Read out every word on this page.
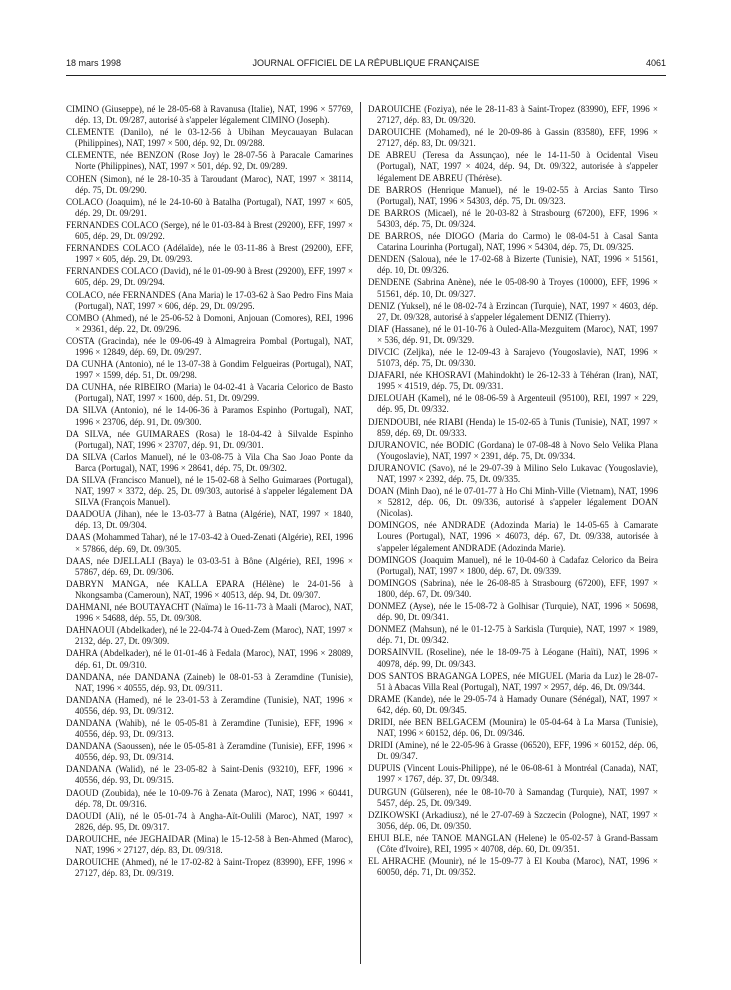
18 mars 1998	JOURNAL OFFICIEL DE LA RÉPUBLIQUE FRANÇAISE	4061

CIMINO (Giuseppe), né le 28-05-68 à Ravanusa (Italie), NAT, 1996 × 57769, dép. 13, Dt. 09/287, autorisé à s'appeler légalement CIMINO (Joseph).

CLEMENTE (Danilo), né le 03-12-56 à Ubihan Meycauayan Bulacan (Philippines), NAT, 1997 × 500, dép. 92, Dt. 09/288.

CLEMENTE, née BENZON (Rose Joy) le 28-07-56 à Paracale Camarines Norte (Philippines), NAT, 1997 × 501, dép. 92, Dt. 09/289.

COHEN (Simon), né le 28-10-35 à Taroudant (Maroc), NAT, 1997 × 38114, dép. 75, Dt. 09/290.

COLACO (Joaquim), né le 24-10-60 à Batalha (Portugal), NAT, 1997 × 605, dép. 29, Dt. 09/291.

FERNANDES COLACO (Serge), né le 01-03-84 à Brest (29200), EFF, 1997 × 605, dép. 29, Dt. 09/292.

FERNANDES COLACO (Adélaïde), née le 03-11-86 à Brest (29200), EFF, 1997 × 605, dép. 29, Dt. 09/293.

FERNANDES COLACO (David), né le 01-09-90 à Brest (29200), EFF, 1997 × 605, dép. 29, Dt. 09/294.

COLACO, née FERNANDES (Ana Maria) le 17-03-62 à Sao Pedro Fins Maia (Portugal), NAT, 1997 × 606, dép. 29, Dt. 09/295.

COMBO (Ahmed), né le 25-06-52 à Domoni, Anjouan (Comores), REI, 1996 × 29361, dép. 22, Dt. 09/296.

COSTA (Gracinda), née le 09-06-49 à Almagreira Pombal (Portugal), NAT, 1996 × 12849, dép. 69, Dt. 09/297.

DA CUNHA (Antonio), né le 13-07-38 à Gondim Felgueiras (Portugal), NAT, 1997 × 1599, dép. 51, Dt. 09/298.

DA CUNHA, née RIBEIRO (Maria) le 04-02-41 à Vacaria Celorico de Basto (Portugal), NAT, 1997 × 1600, dép. 51, Dt. 09/299.

DA SILVA (Antonio), né le 14-06-36 à Paramos Espinho (Portugal), NAT, 1996 × 23706, dép. 91, Dt. 09/300.

DA SILVA, née GUIMARAES (Rosa) le 18-04-42 à Silvalde Espinho (Portugal), NAT, 1996 × 23707, dép. 91, Dt. 09/301.

DA SILVA (Carlos Manuel), né le 03-08-75 à Vila Cha Sao Joao Ponte da Barca (Portugal), NAT, 1996 × 28641, dép. 75, Dt. 09/302.

DA SILVA (Francisco Manuel), né le 15-02-68 à Selho Guimaraes (Portugal), NAT, 1997 × 3372, dép. 25, Dt. 09/303, autorisé à s'appeler légalement DA SILVA (François Manuel).

DAADOUA (Jihan), née le 13-03-77 à Batna (Algérie), NAT, 1997 × 1840, dép. 13, Dt. 09/304.

DAAS (Mohammed Tahar), né le 17-03-42 à Oued-Zenati (Algérie), REI, 1996 × 57866, dép. 69, Dt. 09/305.

DAAS, née DJELLALI (Baya) le 03-03-51 à Bône (Algérie), REI, 1996 × 57867, dép. 69, Dt. 09/306.

DABRYN MANGA, née KALLA EPARA (Hélène) le 24-01-56 à Nkongsamba (Cameroun), NAT, 1996 × 40513, dép. 94, Dt. 09/307.

DAHMANI, née BOUTAYACHT (Naïma) le 16-11-73 à Maali (Maroc), NAT, 1996 × 54688, dép. 55, Dt. 09/308.

DAHNAOUI (Abdelkader), né le 22-04-74 à Oued-Zem (Maroc), NAT, 1997 × 2132, dép. 27, Dt. 09/309.

DAHRA (Abdelkader), né le 01-01-46 à Fedala (Maroc), NAT, 1996 × 28089, dép. 61, Dt. 09/310.

DANDANA, née DANDANA (Zaineb) le 08-01-53 à Zeramdine (Tunisie), NAT, 1996 × 40555, dép. 93, Dt. 09/311.

DANDANA (Hamed), né le 23-01-53 à Zeramdine (Tunisie), NAT, 1996 × 40556, dép. 93, Dt. 09/312.

DANDANA (Wahib), né le 05-05-81 à Zeramdine (Tunisie), EFF, 1996 × 40556, dép. 93, Dt. 09/313.

DANDANA (Saoussen), née le 05-05-81 à Zeramdine (Tunisie), EFF, 1996 × 40556, dép. 93, Dt. 09/314.

DANDANA (Walid), né le 23-05-82 à Saint-Denis (93210), EFF, 1996 × 40556, dép. 93, Dt. 09/315.

DAOUD (Zoubida), née le 10-09-76 à Zenata (Maroc), NAT, 1996 × 60441, dép. 78, Dt. 09/316.

DAOUDI (Ali), né le 05-01-74 à Angha-Aït-Oulili (Maroc), NAT, 1997 × 2826, dép. 95, Dt. 09/317.

DAROUICHE, née JEGHAIDAR (Mina) le 15-12-58 à Ben-Ahmed (Maroc), NAT, 1996 × 27127, dép. 83, Dt. 09/318.

DAROUICHE (Ahmed), né le 17-02-82 à Saint-Tropez (83990), EFF, 1996 × 27127, dép. 83, Dt. 09/319.

DAROUICHE (Foziya), née le 28-11-83 à Saint-Tropez (83990), EFF, 1996 × 27127, dép. 83, Dt. 09/320.

DAROUICHE (Mohamed), né le 20-09-86 à Gassin (83580), EFF, 1996 × 27127, dép. 83, Dt. 09/321.

DE ABREU (Teresa da Assunçao), née le 14-11-50 à Ocidental Viseu (Portugal), NAT, 1997 × 4024, dép. 94, Dt. 09/322, autorisée à s'appeler légalement DE ABREU (Thérèse).

DE BARROS (Henrique Manuel), né le 19-02-55 à Arcias Santo Tirso (Portugal), NAT, 1996 × 54303, dép. 75, Dt. 09/323.

DE BARROS (Micael), né le 20-03-82 à Strasbourg (67200), EFF, 1996 × 54303, dép. 75, Dt. 09/324.

DE BARROS, née DIOGO (Maria do Carmo) le 08-04-51 à Casal Santa Catarina Lourinha (Portugal), NAT, 1996 × 54304, dép. 75, Dt. 09/325.

DENDEN (Saloua), née le 17-02-68 à Bizerte (Tunisie), NAT, 1996 × 51561, dép. 10, Dt. 09/326.

DENDENE (Sabrina Anène), née le 05-08-90 à Troyes (10000), EFF, 1996 × 51561, dép. 10, Dt. 09/327.

DENIZ (Yuksel), né le 08-02-74 à Erzincan (Turquie), NAT, 1997 × 4603, dép. 27, Dt. 09/328, autorisé à s'appeler légalement DENIZ (Thierry).

DIAF (Hassane), né le 01-10-76 à Ouled-Alla-Mezguitem (Maroc), NAT, 1997 × 536, dép. 91, Dt. 09/329.

DIVCIC (Zeljka), née le 12-09-43 à Sarajevo (Yougoslavie), NAT, 1996 × 51073, dép. 75, Dt. 09/330.

DJAFARI, née KHOSRAVI (Mahindokht) le 26-12-33 à Téhéran (Iran), NAT, 1995 × 41519, dép. 75, Dt. 09/331.

DJELOUAH (Kamel), né le 08-06-59 à Argenteuil (95100), REI, 1997 × 229, dép. 95, Dt. 09/332.

DJENDOUBI, née RIABI (Henda) le 15-02-65 à Tunis (Tunisie), NAT, 1997 × 859, dép. 69, Dt. 09/333.

DJURANOVIC, née BODIC (Gordana) le 07-08-48 à Novo Selo Velika Plana (Yougoslavie), NAT, 1997 × 2391, dép. 75, Dt. 09/334.

DJURANOVIC (Savo), né le 29-07-39 à Milino Selo Lukavac (Yougoslavie), NAT, 1997 × 2392, dép. 75, Dt. 09/335.

DOAN (Minh Dao), né le 07-01-77 à Ho Chi Minh-Ville (Vietnam), NAT, 1996 × 52812, dép. 06, Dt. 09/336, autorisé à s'appeler légalement DOAN (Nicolas).

DOMINGOS, née ANDRADE (Adozinda Maria) le 14-05-65 à Camarate Loures (Portugal), NAT, 1996 × 46073, dép. 67, Dt. 09/338, autorisée à s'appeler légalement ANDRADE (Adozinda Marie).

DOMINGOS (Joaquim Manuel), né le 10-04-60 à Cadafaz Celorico da Beira (Portugal), NAT, 1997 × 1800, dép. 67, Dt. 09/339.

DOMINGOS (Sabrina), née le 26-08-85 à Strasbourg (67200), EFF, 1997 × 1800, dép. 67, Dt. 09/340.

DONMEZ (Ayse), née le 15-08-72 à Golhisar (Turquie), NAT, 1996 × 50698, dép. 90, Dt. 09/341.

DONMEZ (Mahsun), né le 01-12-75 à Sarkisla (Turquie), NAT, 1997 × 1989, dép. 71, Dt. 09/342.

DORSAINVIL (Roseline), née le 18-09-75 à Léogane (Haïti), NAT, 1996 × 40978, dép. 99, Dt. 09/343.

DOS SANTOS BRAGANGA LOPES, née MIGUEL (Maria da Luz) le 28-07-51 à Abacas Villa Real (Portugal), NAT, 1997 × 2957, dép. 46, Dt. 09/344.

DRAME (Kande), née le 29-05-74 à Hamady Ounare (Sénégal), NAT, 1997 × 642, dép. 60, Dt. 09/345.

DRIDI, née BEN BELGACEM (Mounira) le 05-04-64 à La Marsa (Tunisie), NAT, 1996 × 60152, dép. 06, Dt. 09/346.

DRIDI (Amine), né le 22-05-96 à Grasse (06520), EFF, 1996 × 60152, dép. 06, Dt. 09/347.

DUPUIS (Vincent Louis-Philippe), né le 06-08-61 à Montréal (Canada), NAT, 1997 × 1767, dép. 37, Dt. 09/348.

DURGUN (Gülseren), née le 08-10-70 à Samandag (Turquie), NAT, 1997 × 5457, dép. 25, Dt. 09/349.

DZIKOWSKI (Arkadiusz), né le 27-07-69 à Szczecin (Pologne), NAT, 1997 × 3056, dép. 06, Dt. 09/350.

EHUI BLE, née TANOE MANGLAN (Helene) le 05-02-57 à Grand-Bassam (Côte d'Ivoire), REI, 1995 × 40708, dép. 60, Dt. 09/351.

EL AHRACHE (Mounir), né le 15-09-77 à El Kouba (Maroc), NAT, 1996 × 60050, dép. 71, Dt. 09/352.
